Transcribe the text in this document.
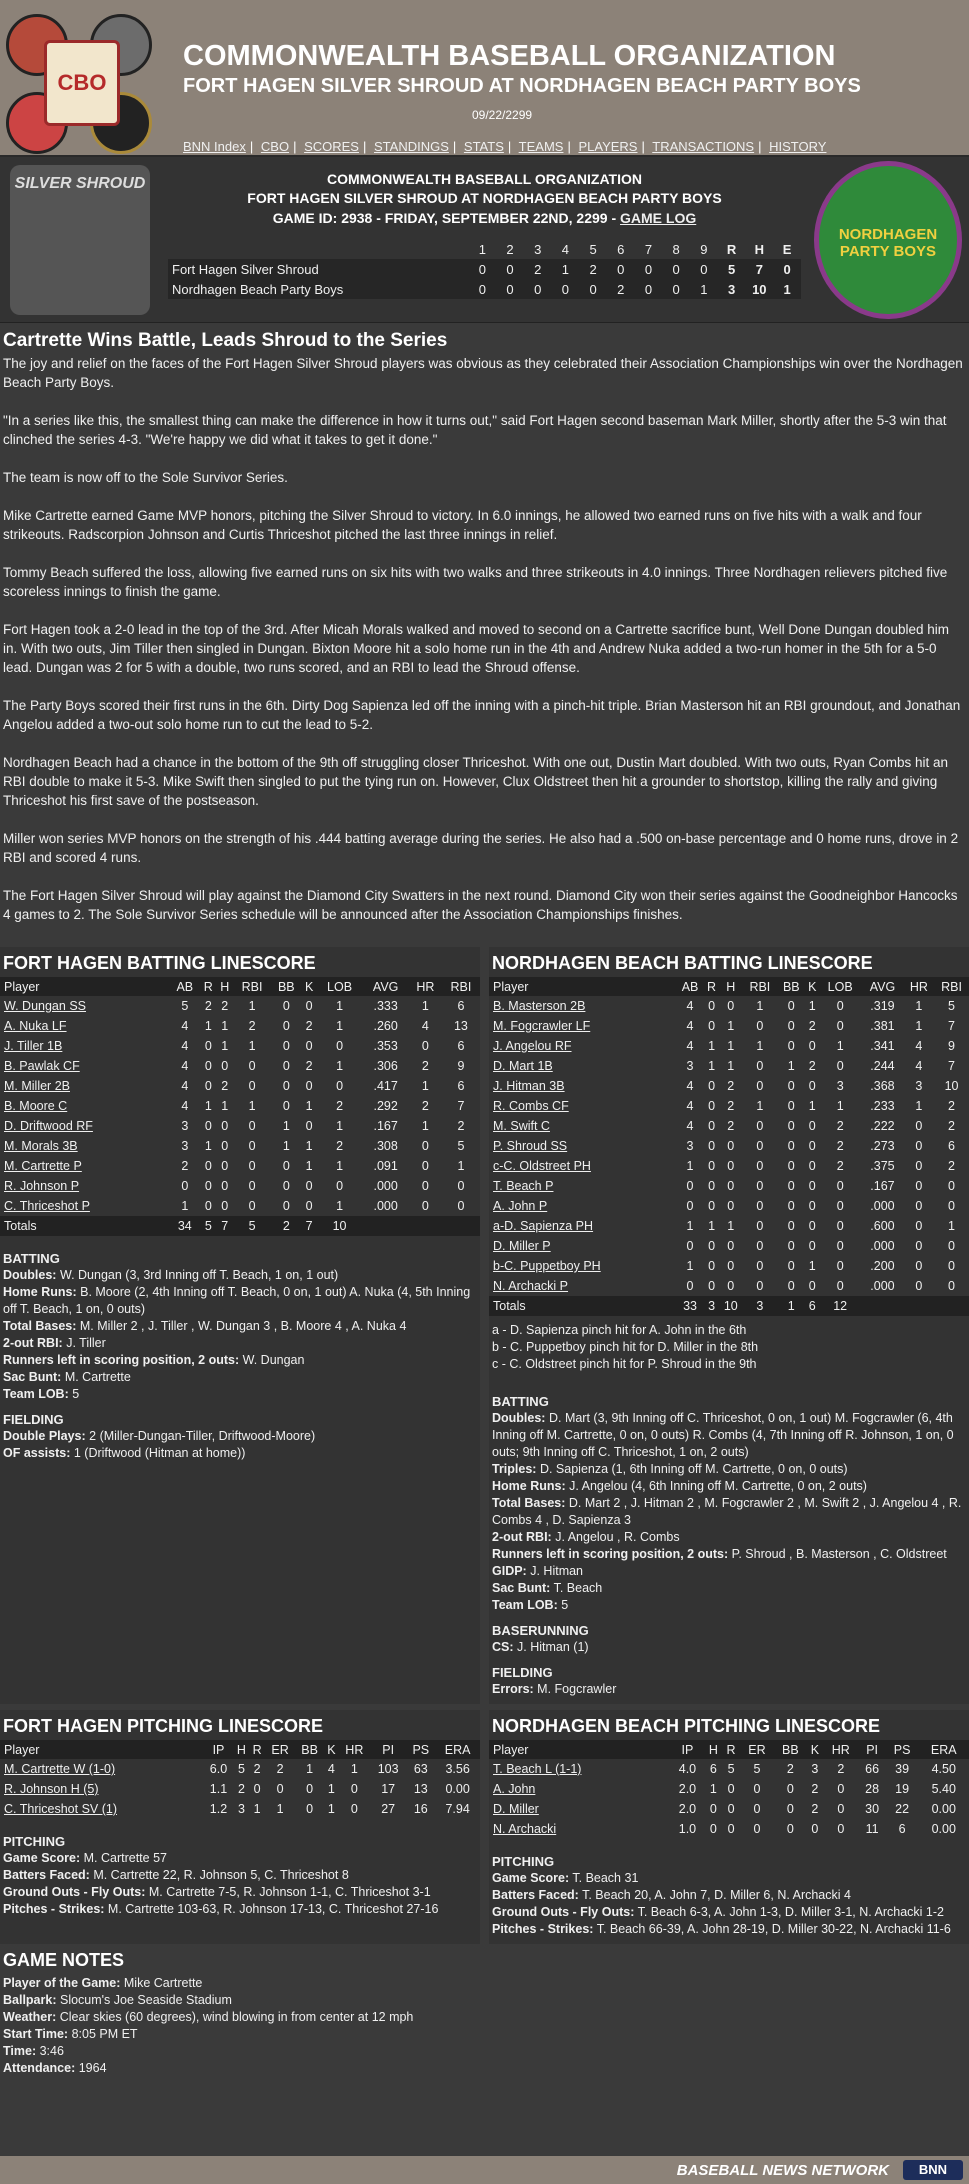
CBO
COMMONWEALTH BASEBALL ORGANIZATION
FORT HAGEN SILVER SHROUD AT NORDHAGEN BEACH PARTY BOYS
09/22/2299
BNN Index | CBO | SCORES | STANDINGS | STATS | TEAMS | PLAYERS | TRANSACTIONS | HISTORY
SILVER SHROUD
NORDHAGEN PARTY BOYS
COMMONWEALTH BASEBALL ORGANIZATION
FORT HAGEN SILVER SHROUD AT NORDHAGEN BEACH PARTY BOYS
GAME ID: 2938 - FRIDAY, SEPTEMBER 22ND, 2299 - GAME LOG
	1	2	3	4	5	6	7	8	9	R	H	E
Fort Hagen Silver Shroud	0	0	2	1	2	0	0	0	0	5	7	0
Nordhagen Beach Party Boys	0	0	0	0	0	2	0	0	1	3	10	1
Cartrette Wins Battle, Leads Shroud to the Series

The joy and relief on the faces of the Fort Hagen Silver Shroud players was obvious as they celebrated their Association Championships win over the Nordhagen Beach Party Boys.

"In a series like this, the smallest thing can make the difference in how it turns out," said Fort Hagen second baseman Mark Miller, shortly after the 5-3 win that clinched the series 4-3. "We're happy we did what it takes to get it done."

The team is now off to the Sole Survivor Series.

Mike Cartrette earned Game MVP honors, pitching the Silver Shroud to victory. In 6.0 innings, he allowed two earned runs on five hits with a walk and four strikeouts. Radscorpion Johnson and Curtis Thriceshot pitched the last three innings in relief.

Tommy Beach suffered the loss, allowing five earned runs on six hits with two walks and three strikeouts in 4.0 innings. Three Nordhagen relievers pitched five scoreless innings to finish the game.

Fort Hagen took a 2-0 lead in the top of the 3rd. After Micah Morals walked and moved to second on a Cartrette sacrifice bunt, Well Done Dungan doubled him in. With two outs, Jim Tiller then singled in Dungan. Bixton Moore hit a solo home run in the 4th and Andrew Nuka added a two-run homer in the 5th for a 5-0 lead. Dungan was 2 for 5 with a double, two runs scored, and an RBI to lead the Shroud offense.

The Party Boys scored their first runs in the 6th. Dirty Dog Sapienza led off the inning with a pinch-hit triple. Brian Masterson hit an RBI groundout, and Jonathan Angelou added a two-out solo home run to cut the lead to 5-2.

Nordhagen Beach had a chance in the bottom of the 9th off struggling closer Thriceshot. With one out, Dustin Mart doubled. With two outs, Ryan Combs hit an RBI double to make it 5-3. Mike Swift then singled to put the tying run on. However, Clux Oldstreet then hit a grounder to shortstop, killing the rally and giving Thriceshot his first save of the postseason.

Miller won series MVP honors on the strength of his .444 batting average during the series. He also had a .500 on-base percentage and 0 home runs, drove in 2 RBI and scored 4 runs.

The Fort Hagen Silver Shroud will play against the Diamond City Swatters in the next round. Diamond City won their series against the Goodneighbor Hancocks 4 games to 2. The Sole Survivor Series schedule will be announced after the Association Championships finishes.

FORT HAGEN BATTING LINESCORE
Player	AB	R	H	RBI	BB	K	LOB	AVG	HR	RBI
W. Dungan SS	5	2	2	1	0	0	1	.333	1	6
A. Nuka LF	4	1	1	2	0	2	1	.260	4	13
J. Tiller 1B	4	0	1	1	0	0	0	.353	0	6
B. Pawlak CF	4	0	0	0	0	2	1	.306	2	9
M. Miller 2B	4	0	2	0	0	0	0	.417	1	6
B. Moore C	4	1	1	1	0	1	2	.292	2	7
D. Driftwood RF	3	0	0	0	1	0	1	.167	1	2
M. Morals 3B	3	1	0	0	1	1	2	.308	0	5
M. Cartrette P	2	0	0	0	0	1	1	.091	0	1
R. Johnson P	0	0	0	0	0	0	0	.000	0	0
C. Thriceshot P	1	0	0	0	0	0	1	.000	0	0
Totals	34	5	7	5	2	7	10			
BATTING
Doubles: W. Dungan (3, 3rd Inning off T. Beach, 1 on, 1 out)
Home Runs: B. Moore (2, 4th Inning off T. Beach, 0 on, 1 out) A. Nuka (4, 5th Inning off T. Beach, 1 on, 0 outs)
Total Bases: M. Miller 2 , J. Tiller , W. Dungan 3 , B. Moore 4 , A. Nuka 4
2-out RBI: J. Tiller
Runners left in scoring position, 2 outs: W. Dungan
Sac Bunt: M. Cartrette
Team LOB: 5
FIELDING
Double Plays: 2 (Miller-Dungan-Tiller, Driftwood-Moore)
OF assists: 1 (Driftwood (Hitman at home))
NORDHAGEN BEACH BATTING LINESCORE
Player	AB	R	H	RBI	BB	K	LOB	AVG	HR	RBI
B. Masterson 2B	4	0	0	1	0	1	0	.319	1	5
M. Fogcrawler LF	4	0	1	0	0	2	0	.381	1	7
J. Angelou RF	4	1	1	1	0	0	1	.341	4	9
D. Mart 1B	3	1	1	0	1	2	0	.244	4	7
J. Hitman 3B	4	0	2	0	0	0	3	.368	3	10
R. Combs CF	4	0	2	1	0	1	1	.233	1	2
M. Swift C	4	0	2	0	0	0	2	.222	0	2
P. Shroud SS	3	0	0	0	0	0	2	.273	0	6
c-C. Oldstreet PH	1	0	0	0	0	0	2	.375	0	2
T. Beach P	0	0	0	0	0	0	0	.167	0	0
A. John P	0	0	0	0	0	0	0	.000	0	0
a-D. Sapienza PH	1	1	1	0	0	0	0	.600	0	1
D. Miller P	0	0	0	0	0	0	0	.000	0	0
b-C. Puppetboy PH	1	0	0	0	0	1	0	.200	0	0
N. Archacki P	0	0	0	0	0	0	0	.000	0	0
Totals	33	3	10	3	1	6	12			
a - D. Sapienza pinch hit for A. John in the 6th
b - C. Puppetboy pinch hit for D. Miller in the 8th
c - C. Oldstreet pinch hit for P. Shroud in the 9th
BATTING
Doubles: D. Mart (3, 9th Inning off C. Thriceshot, 0 on, 1 out) M. Fogcrawler (6, 4th Inning off M. Cartrette, 0 on, 0 outs) R. Combs (4, 7th Inning off R. Johnson, 1 on, 0 outs; 9th Inning off C. Thriceshot, 1 on, 2 outs)
Triples: D. Sapienza (1, 6th Inning off M. Cartrette, 0 on, 0 outs)
Home Runs: J. Angelou (4, 6th Inning off M. Cartrette, 0 on, 2 outs)
Total Bases: D. Mart 2 , J. Hitman 2 , M. Fogcrawler 2 , M. Swift 2 , J. Angelou 4 , R. Combs 4 , D. Sapienza 3
2-out RBI: J. Angelou , R. Combs
Runners left in scoring position, 2 outs: P. Shroud , B. Masterson , C. Oldstreet
GIDP: J. Hitman
Sac Bunt: T. Beach
Team LOB: 5
BASERUNNING
CS: J. Hitman (1)
FIELDING
Errors: M. Fogcrawler
FORT HAGEN PITCHING LINESCORE
Player	IP	H	R	ER	BB	K	HR	PI	PS	ERA
M. Cartrette W (1-0)	6.0	5	2	2	1	4	1	103	63	3.56
R. Johnson H (5)	1.1	2	0	0	0	1	0	17	13	0.00
C. Thriceshot SV (1)	1.2	3	1	1	0	1	0	27	16	7.94
PITCHING
Game Score: M. Cartrette 57
Batters Faced: M. Cartrette 22, R. Johnson 5, C. Thriceshot 8
Ground Outs - Fly Outs: M. Cartrette 7-5, R. Johnson 1-1, C. Thriceshot 3-1
Pitches - Strikes: M. Cartrette 103-63, R. Johnson 17-13, C. Thriceshot 27-16
NORDHAGEN BEACH PITCHING LINESCORE
Player	IP	H	R	ER	BB	K	HR	PI	PS	ERA
T. Beach L (1-1)	4.0	6	5	5	2	3	2	66	39	4.50
A. John	2.0	1	0	0	0	2	0	28	19	5.40
D. Miller	2.0	0	0	0	0	2	0	30	22	0.00
N. Archacki	1.0	0	0	0	0	0	0	11	6	0.00
PITCHING
Game Score: T. Beach 31
Batters Faced: T. Beach 20, A. John 7, D. Miller 6, N. Archacki 4
Ground Outs - Fly Outs: T. Beach 6-3, A. John 1-3, D. Miller 3-1, N. Archacki 1-2
Pitches - Strikes: T. Beach 66-39, A. John 28-19, D. Miller 30-22, N. Archacki 11-6
GAME NOTES
Player of the Game: Mike Cartrette
Ballpark: Slocum's Joe Seaside Stadium
Weather: Clear skies (60 degrees), wind blowing in from center at 12 mph
Start Time: 8:05 PM ET
Time: 3:46
Attendance: 1964
BASEBALL NEWS NETWORK	BNN
